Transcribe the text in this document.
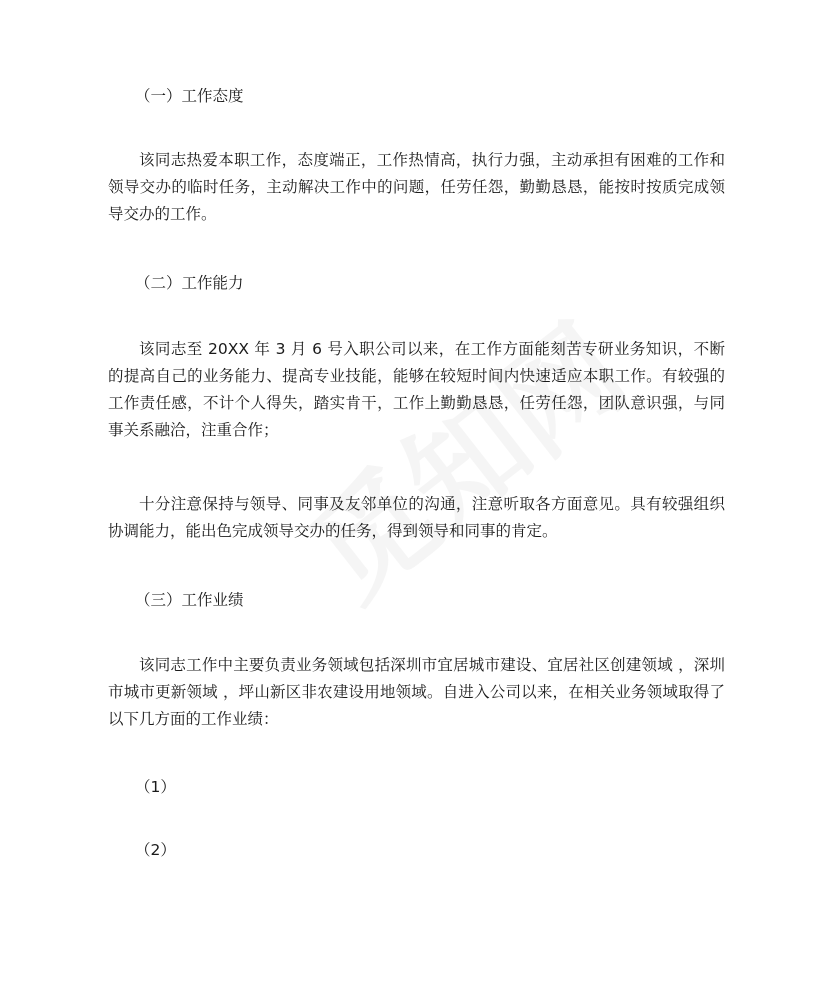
（一）工作态度
该同志热爱本职工作，态度端正，工作热情高，执行力强，主动承担有困难的工作和领导交办的临时任务，主动解决工作中的问题，任劳任怨，勤勤恳恳，能按时按质完成领导交办的工作。
（二）工作能力
该同志至 20XX 年 3 月 6 号入职公司以来，在工作方面能刻苦专研业务知识，不断的提高自己的业务能力、提高专业技能，能够在较短时间内快速适应本职工作。有较强的工作责任感，不计个人得失，踏实肯干，工作上勤勤恳恳，任劳任怨，团队意识强，与同事关系融洽，注重合作；
十分注意保持与领导、同事及友邻单位的沟通，注意听取各方面意见。具有较强组织协调能力，能出色完成领导交办的任务，得到领导和同事的肯定。
（三）工作业绩
该同志工作中主要负责业务领域包括深圳市宜居城市建设、宜居社区创建领域 ，深圳市城市更新领域 ，坪山新区非农建设用地领域。自进入公司以来，在相关业务领域取得了以下几方面的工作业绩：
（1）
（2）
